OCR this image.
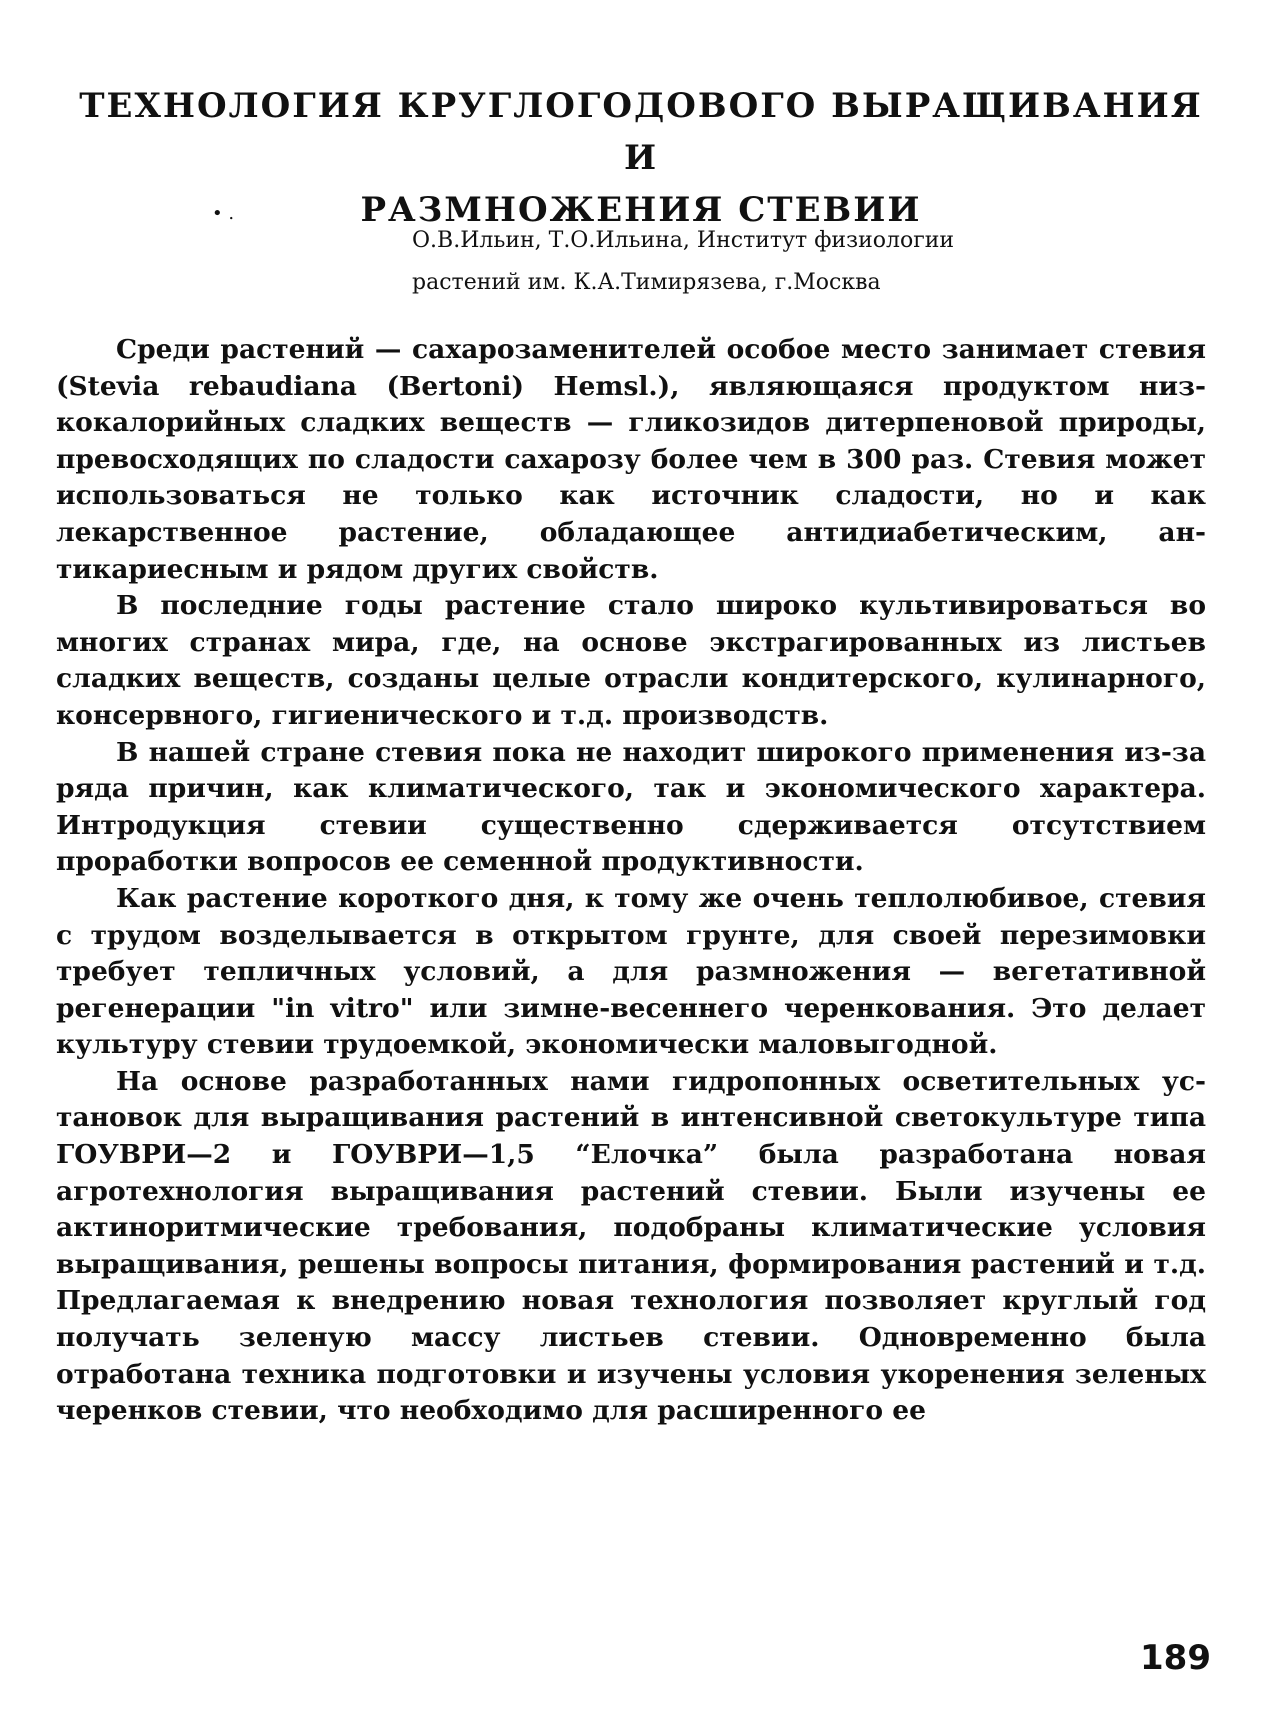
ТЕХНОЛОГИЯ КРУГЛОГОДОВОГО ВЫРАЩИВАНИЯ И
РАЗМНОЖЕНИЯ СТЕВИИ
• .
О.В.Ильин, Т.О.Ильина, Институт физиологии
растений им. К.А.Тимирязева, г.Москва

Среди растений — сахарозаменителей особое место занимает стевия (Stevia rebaudiana (Bertoni) Hemsl.), являющаяся продуктом низкокалорийных сладких веществ — гликозидов дитерпеновой природы, превосходящих по сладости сахарозу более чем в 300 раз. Стевия может использоваться не только как источник сладости, но и как лекарственное растение, обладающее антидиабетическим, антикариесным и рядом других свойств.

В последние годы растение стало широко культивироваться во многих странах мира, где, на основе экстрагированных из листьев сладких веществ, созданы целые отрасли кондитерского, кулинарного, консервного, гигиенического и т.д. производств.

В нашей стране стевия пока не находит широкого применения из-за ряда причин, как климатического, так и экономического характера. Интродукция стевии существенно сдерживается отсутствием проработки вопросов ее семенной продуктивности.

Как растение короткого дня, к тому же очень теплолюбивое, стевия с трудом возделывается в открытом грунте, для своей перезимовки требует тепличных условий, а для размножения — вегетативной регенерации "in vitro" или зимне-весеннего черенкования. Это делает культуру стевии трудоемкой, экономически маловыгодной.

На основе разработанных нами гидропонных осветительных установок для выращивания растений в интенсивной светокультуре типа ГОУВРИ—2 и ГОУВРИ—1,5 “Елочка” была разработана новая агротехнология выращивания растений стевии. Были изучены ее актиноритмические требования, подобраны климатические условия выращивания, решены вопросы питания, формирования растений и т.д. Предлагаемая к внедрению новая технология позволяет круглый год получать зеленую массу листьев стевии. Одновременно была отработана техника подготовки и изучены условия укоренения зеленых черенков стевии, что необходимо для расширенного ее

189
